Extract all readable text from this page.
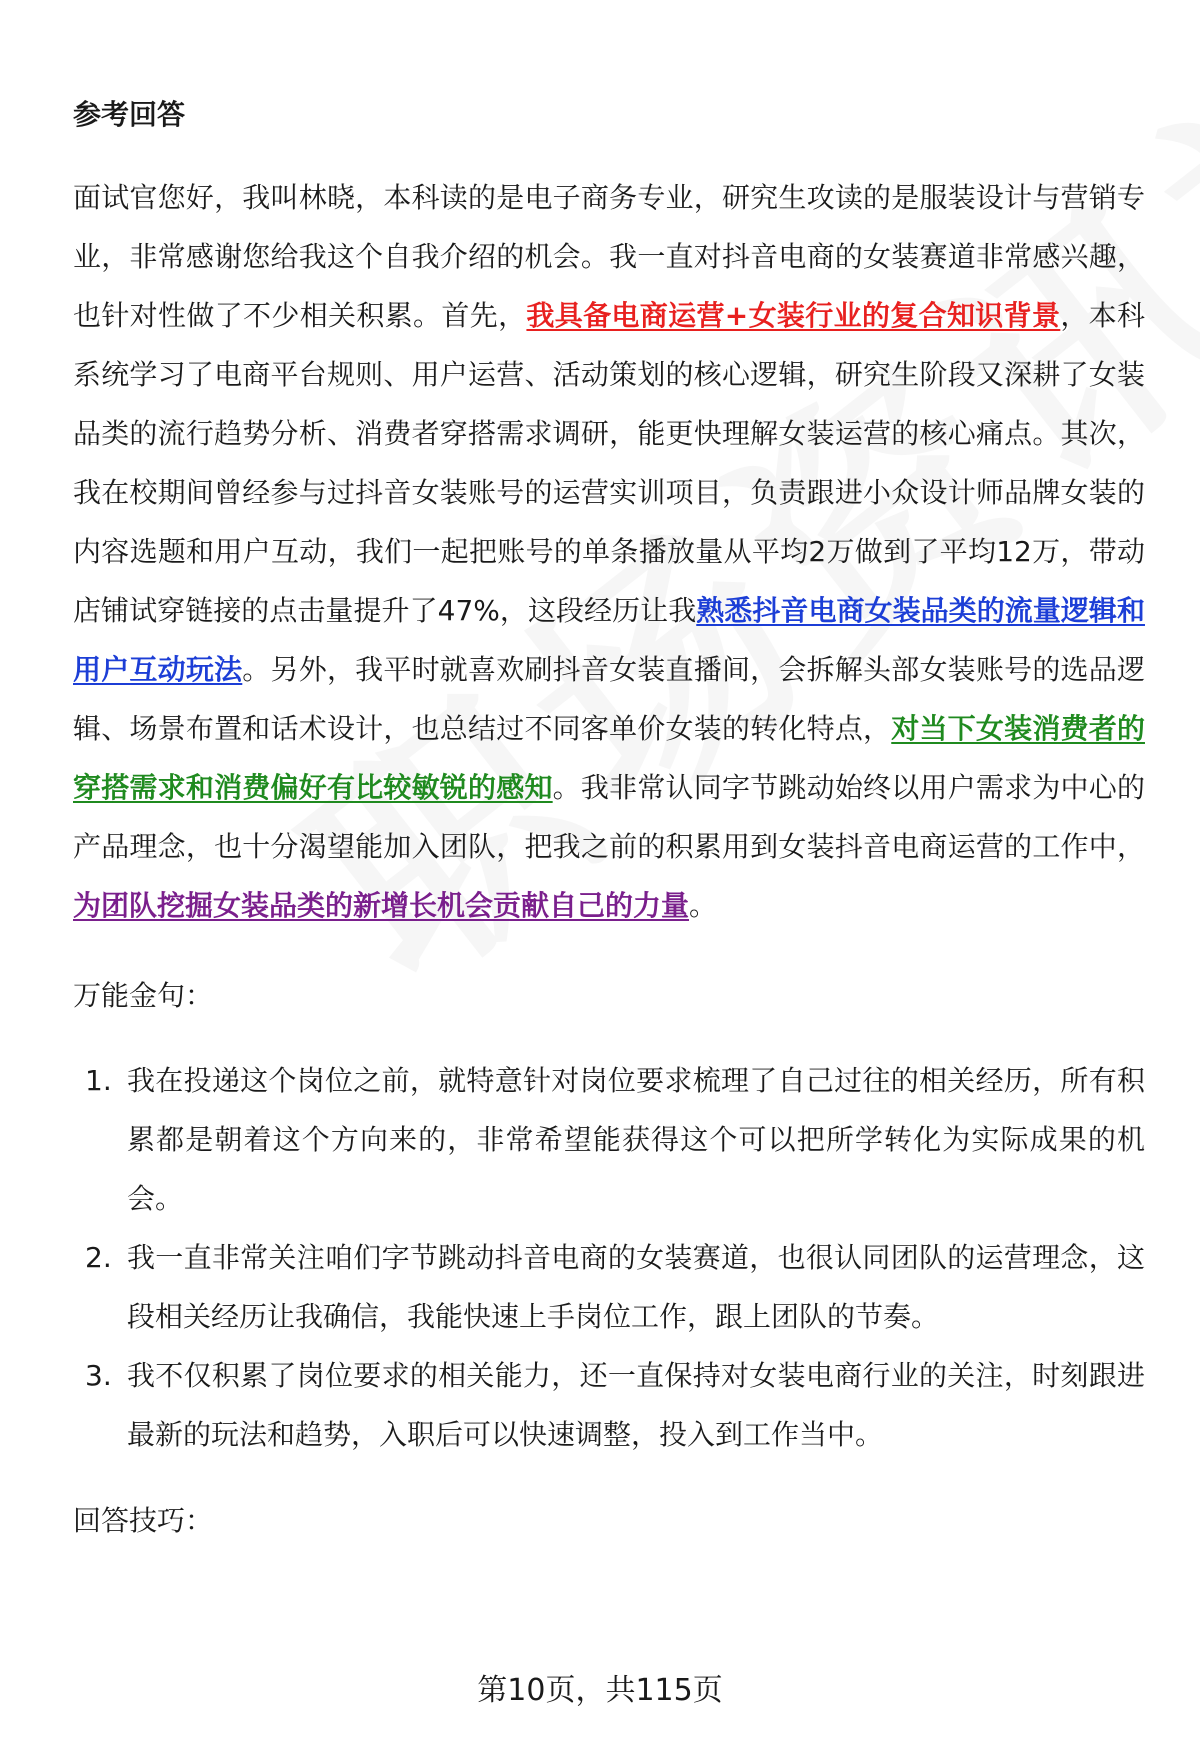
参考回答

面试官您好，我叫林晓，本科读的是电子商务专业，研究生攻读的是服装设计与营销专业，非常感谢您给我这个自我介绍的机会。我一直对抖音电商的女装赛道非常感兴趣，也针对性做了不少相关积累。首先，我具备电商运营+女装行业的复合知识背景，本科系统学习了电商平台规则、用户运营、活动策划的核心逻辑，研究生阶段又深耕了女装品类的流行趋势分析、消费者穿搭需求调研，能更快理解女装运营的核心痛点。其次，我在校期间曾经参与过抖音女装账号的运营实训项目，负责跟进小众设计师品牌女装的内容选题和用户互动，我们一起把账号的单条播放量从平均2万做到了平均12万，带动店铺试穿链接的点击量提升了47%，这段经历让我熟悉抖音电商女装品类的流量逻辑和用户互动玩法。另外，我平时就喜欢刷抖音女装直播间，会拆解头部女装账号的选品逻辑、场景布置和话术设计，也总结过不同客单价女装的转化特点，对当下女装消费者的穿搭需求和消费偏好有比较敏锐的感知。我非常认同字节跳动始终以用户需求为中心的产品理念，也十分渴望能加入团队，把我之前的积累用到女装抖音电商运营的工作中，为团队挖掘女装品类的新增长机会贡献自己的力量。

万能金句：
1. 我在投递这个岗位之前，就特意针对岗位要求梳理了自己过往的相关经历，所有积累都是朝着这个方向来的，非常希望能获得这个可以把所学转化为实际成果的机会。
2. 我一直非常关注咱们字节跳动抖音电商的女装赛道，也很认同团队的运营理念，这段相关经历让我确信，我能快速上手岗位工作，跟上团队的节奏。
3. 我不仅积累了岗位要求的相关能力，还一直保持对女装电商行业的关注，时刻跟进最新的玩法和趋势，入职后可以快速调整，投入到工作当中。
回答技巧：
第10页，共115页
